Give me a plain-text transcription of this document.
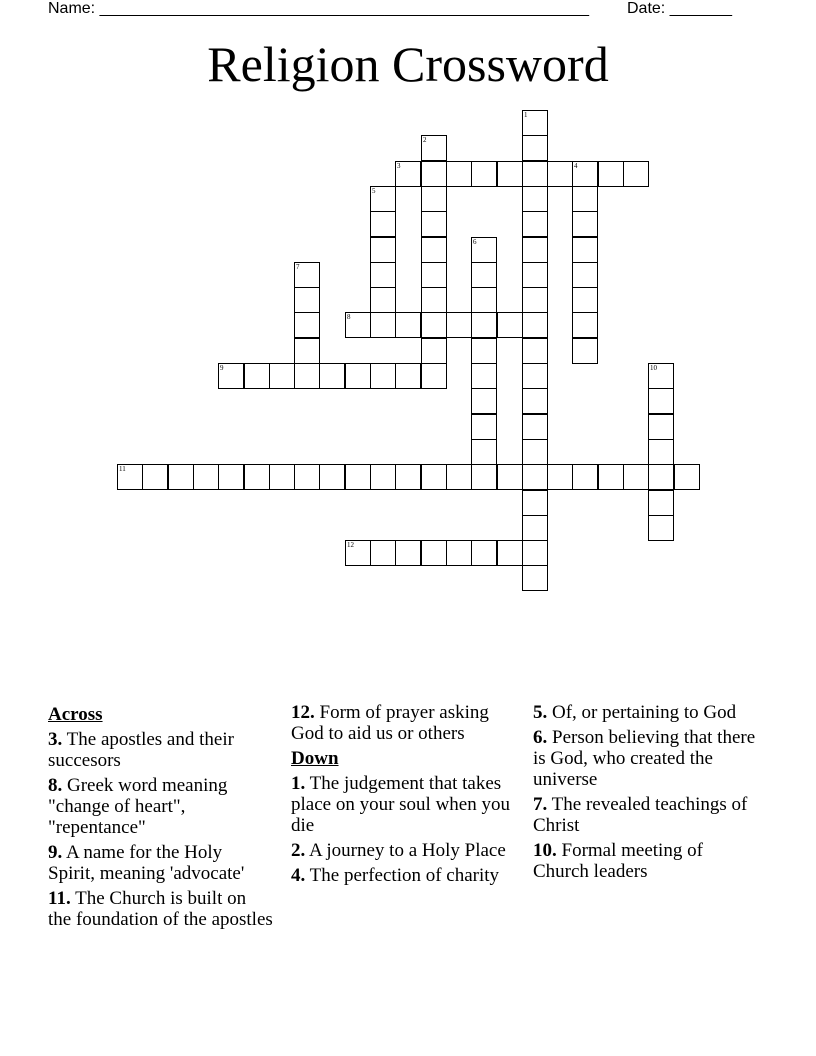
Name: _______________________________________________________ Date: _______
Religion Crossword
1
2
3	4
5
6
7
8
9	10
11
12
Across
3. The apostles and their succesors
8. Greek word meaning "change of heart", "repentance"
9. A name for the Holy Spirit, meaning 'advocate'
11. The Church is built on the foundation of the apostles
12. Form of prayer asking God to aid us or others
Down
1. The judgement that takes place on your soul when you die
2. A journey to a Holy Place
4. The perfection of charity
5. Of, or pertaining to God
6. Person believing that there is God, who created the universe
7. The revealed teachings of Christ
10. Formal meeting of Church leaders
